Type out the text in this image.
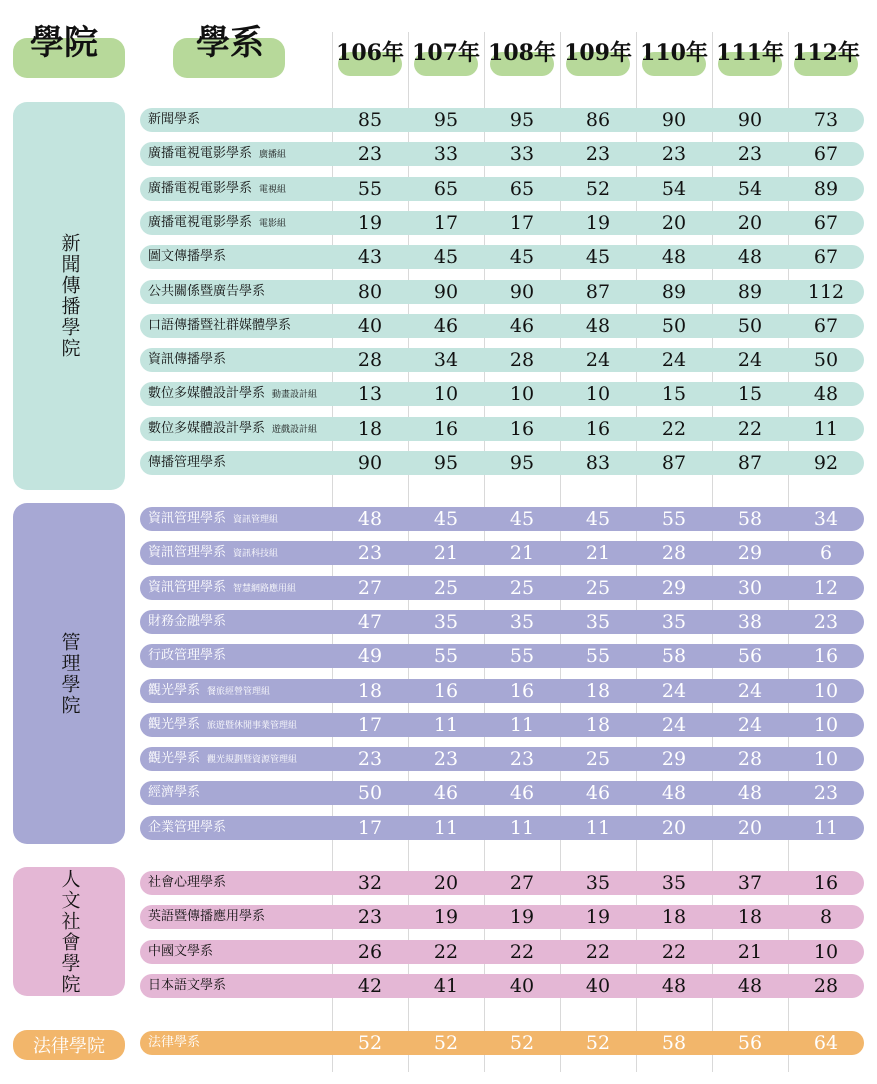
學院	學系	106年 107年 108年 109年 110年 111年 112年
新聞傳播學院
新聞學系	85	95	95	86	90	90	73
廣播電視電影學系 廣播組	23	33	33	23	23	23	67
廣播電視電影學系 電視組	55	65	65	52	54	54	89
廣播電視電影學系 電影組	19	17	17	19	20	20	67
圖文傳播學系	43	45	45	45	48	48	67
公共關係暨廣告學系	80	90	90	87	89	89	112
口語傳播暨社群媒體學系	40	46	46	48	50	50	67
資訊傳播學系	28	34	28	24	24	24	50
數位多媒體設計學系 動畫設計組	13	10	10	10	15	15	48
數位多媒體設計學系 遊戲設計組	18	16	16	16	22	22	11
傳播管理學系	90	95	95	83	87	87	92
管理學院
資訊管理學系 資訊管理組	48	45	45	45	55	58	34
資訊管理學系 資訊科技組	23	21	21	21	28	29	6
資訊管理學系 智慧網路應用組	27	25	25	25	29	30	12
財務金融學系	47	35	35	35	35	38	23
行政管理學系	49	55	55	55	58	56	16
觀光學系 餐旅經營管理組	18	16	16	18	24	24	10
觀光學系 旅遊暨休閒事業管理組	17	11	11	18	24	24	10
觀光學系 觀光規劃暨資源管理組	23	23	23	25	29	28	10
經濟學系	50	46	46	46	48	48	23
企業管理學系	17	11	11	11	20	20	11
人文社會學院	社會心理學系	32	20	27	35	35	37	16
英語暨傳播應用學系	23	19	19	19	18	18	8
中國文學系	26	22	22	22	22	21	10
日本語文學系	42	41	40	40	48	48	28
法律學院	法律學系	52	52	52	52	58	56	64
